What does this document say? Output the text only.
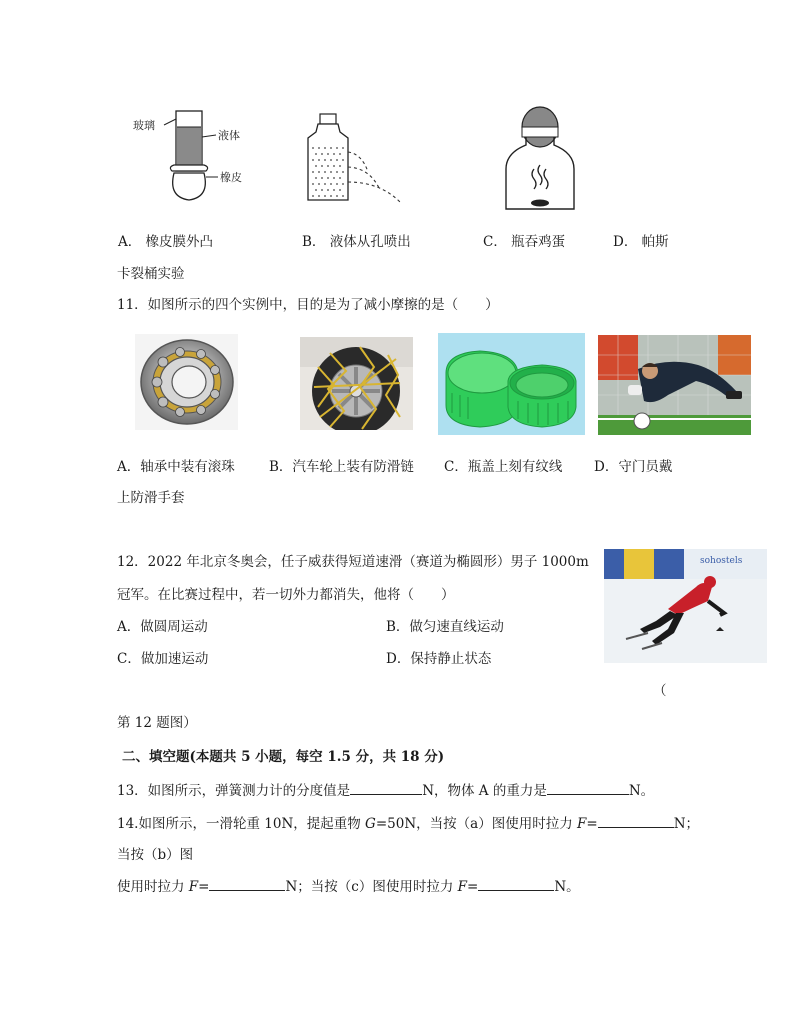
玻璃
液体
橡皮
A． 橡皮膜外凸	B． 液体从孔喷出	C． 瓶吞鸡蛋	D． 帕斯
卡裂桶实验
11．如图所示的四个实例中，目的是为了减小摩擦的是（　　）
A．轴承中装有滚珠	B．汽车轮上装有防滑链 C．瓶盖上刻有纹线 D．守门员戴
上防滑手套
12．2022 年北京冬奥会，任子威获得短道速滑（赛道为椭圆形）男子 1000m
冠军。在比赛过程中，若一切外力都消失，他将（　　）
A．做圆周运动	B．做匀速直线运动
C．做加速运动	D．保持静止状态
sohostels
（
第 12 题图）
二、填空题(本题共 5 小题，每空 1.5 分，共 18 分)
13．如图所示，弹簧测力计的分度值是	N，物体 A 的重力是	N。
14.如图所示，一滑轮重 10N，提起重物 G=50N，当按（a）图使用时拉力 F=	N；
当按（b）图
使用时拉力 F=	N；当按（c）图使用时拉力 F=	N。
